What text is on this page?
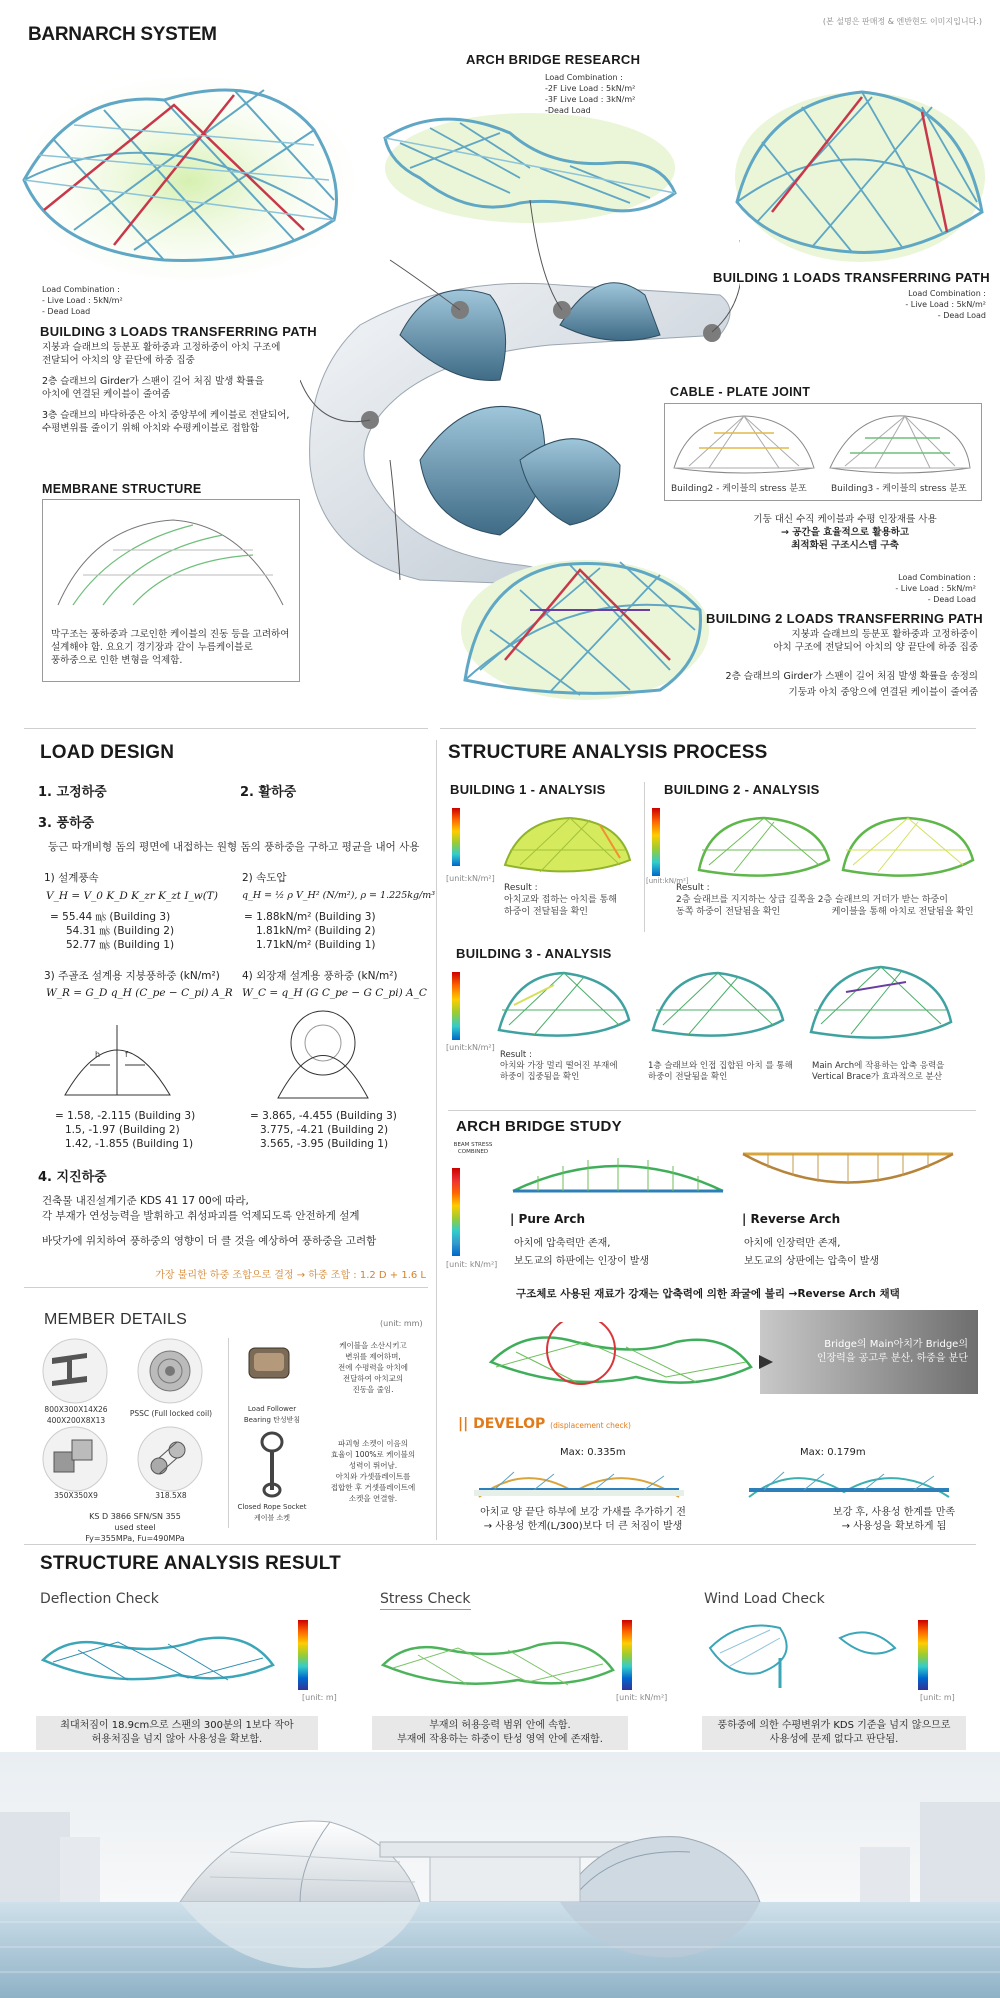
BARNARCH SYSTEM
(본 설명은 판매정 & 엔반현도 이미지입니다.)
ARCH BRIDGE RESEARCH
Load Combination :
-2F Live Load : 5kN/m²
-3F Live Load : 3kN/m²
-Dead Load
BUILDING 1 LOADS TRANSFERRING PATH
Load Combination :
- Live Load : 5kN/m²
- Dead Load
Load Combination :
- Live Load : 5kN/m²
- Dead Load
BUILDING 3 LOADS TRANSFERRING PATH
지붕과 슬래브의 등분포 활하중과 고정하중이 아치 구조에
전달되어 아치의 양 끝단에 하중 집중
2층 슬래브의 Girder가 스팬이 길어 처짐 발생 확률을
아치에 연결된 케이블이 줄여줌
3층 슬래브의 바닥하중은 아치 중앙부에 케이블로 전달되어,
수평변위를 줄이기 위해 아치와 수평케이블로 접합함
CABLE - PLATE JOINT
Building2 - 케이블의 stress 분포	Building3 - 케이블의 stress 분포
기둥 대신 수직 케이블과 수평 인장재를 사용
→ 공간을 효율적으로 활용하고
최적화된 구조시스템 구축
MEMBRANE STRUCTURE
막구조는 풍하중과 그로인한 케이블의 진동 등을 고려하여
설계해야 함. 요요기 경기장과 같이 누름케이블로
풍하중으로 인한 변형을 억제함.
Load Combination :
- Live Load : 5kN/m²
- Dead Load
BUILDING 2 LOADS TRANSFERRING PATH
지붕과 슬래브의 등분포 활하중과 고정하중이
아치 구조에 전달되어 아치의 양 끝단에 하중 집중
2층 슬래브의 Girder가 스팬이 길어 처짐 발생 확률을 송정의
기둥과 아치 중앙으에 연결된 케이블이 줄여줌
LOAD DESIGN
1. 고정하중	2. 활하중
3. 풍하중
둥근 따개비형 돔의 평면에 내접하는 원형 돔의 풍하중을 구하고 평균을 내어 사용
1) 설계풍속
V_H = V_0 K_D K_zr K_zt I_w(T)
= 55.44 ㎧ (Building 3)
54.31 ㎧ (Building 2)
52.77 ㎧ (Building 1)
2) 속도압
q_H = ½ ρ V_H² (N/m²), ρ = 1.225kg/m³
= 1.88kN/m² (Building 3)
1.81kN/m² (Building 2)
1.71kN/m² (Building 1)
3) 주골조 설계용 지붕풍하중 (kN/m²)
W_R = G_D q_H (C_pe − C_pi) A_R
h	f
= 1.58, -2.115 (Building 3)
1.5, -1.97 (Building 2)
1.42, -1.855 (Building 1)
4) 외장재 설계용 풍하중 (kN/m²)
W_C = q_H (G C_pe − G C_pi) A_C
= 3.865, -4.455 (Building 3)
3.775, -4.21 (Building 2)
3.565, -3.95 (Building 1)
4. 지진하중
건축물 내진설계기준 KDS 41 17 00에 따라,
각 부재가 연성능력을 발휘하고 취성파괴를 억제되도록 안전하게 설계
바닷가에 위치하여 풍하중의 영향이 더 클 것을 예상하여 풍하중을 고려함
가장 불리한 하중 조합으로 결정 → 하중 조합 : 1.2 D + 1.6 L
MEMBER DETAILS	(unit: mm)
800X300X14X26
400X200X8X13
PSSC (Full locked coil)
350X350X9	318.5X8
Load Follower Bearing 탄성받침
케이블을 소산시키고
변위를 제어하며,
전에 수평력을 아치에
전달하여 아치교의
진동을 줄임.
Closed Rope Socket 케이블 소켓
파괴형 소켓이 이음의
효율이 100%로 케이블의
성력이 뛰어남.
아치와 가셋플레이트를
접합한 후 거셋플레이트에
소켓을 연결함.
KS D 3866 SFN/SN 355 used steel
Fy=355MPa, Fu=490MPa
STRUCTURE ANALYSIS PROCESS
BUILDING 1 - ANALYSIS	BUILDING 2 - ANALYSIS
[unit:kN/m²]
Result :
아치교와 접하는 아치를 통해
하중이 전달됨을 확인
[unit:kN/m²]
Result :
2층 슬래브를 지지하는 상급 길쪽을 2층 슬래브의 거더가 받는 하중이
동쪽 하중이 전달됨을 확인                  케이블을 통해 아치로 전달됨을 확인
BUILDING 3 - ANALYSIS
[unit:kN/m²]
Result :
아치와 가장 멀리 떨어진 부재에
하중이 집중됨을 확인
1층 슬래브와 인접 집합된 아치 를 통해
하중이 전달됨을 확인
Main Arch에 작용하는 압축 응력을
Vertical Brace가 효과적으로 분산
ARCH BRIDGE STUDY
BEAM STRESS COMBINED
[unit: kN/m²]
| Pure Arch
아치에 압축력만 존재,
보도교의 하판에는 인장이 발생
| Reverse Arch
아치에 인장력만 존재,
보도교의 상판에는 압축이 발생
구조체로 사용된 재료가 강재는 압축력에 의한 좌굴에 불리 →Reverse Arch 채택
Bridge의 Main아치가 Bridge의
인장력을 공고루 분산, 하중을 분단
|| DEVELOP (displacement check)
Max: 0.335m	Max: 0.179m
아치교 양 끝단 하부에 보강 가새를 추가하기 전
→ 사용성 한계(L/300)보다 더 큰 처짐이 발생
보강 후, 사용성 한계를 만족
→ 사용성을 확보하게 됨
STRUCTURE ANALYSIS RESULT
Deflection Check
[unit: m]
최대처짐이 18.9cm으로 스팬의 300분의 1보다 작아
허용처짐을 넘지 않아 사용성을 확보함.
Stress Check
[unit: kN/m²]
부재의 허용응력 범위 안에 속함.
부재에 작용하는 하중이 탄성 영역 안에 존재함.
Wind Load Check
[unit: m]
풍하중에 의한 수평변위가 KDS 기준을 넘지 않으므로
사용성에 문제 없다고 판단됨.
